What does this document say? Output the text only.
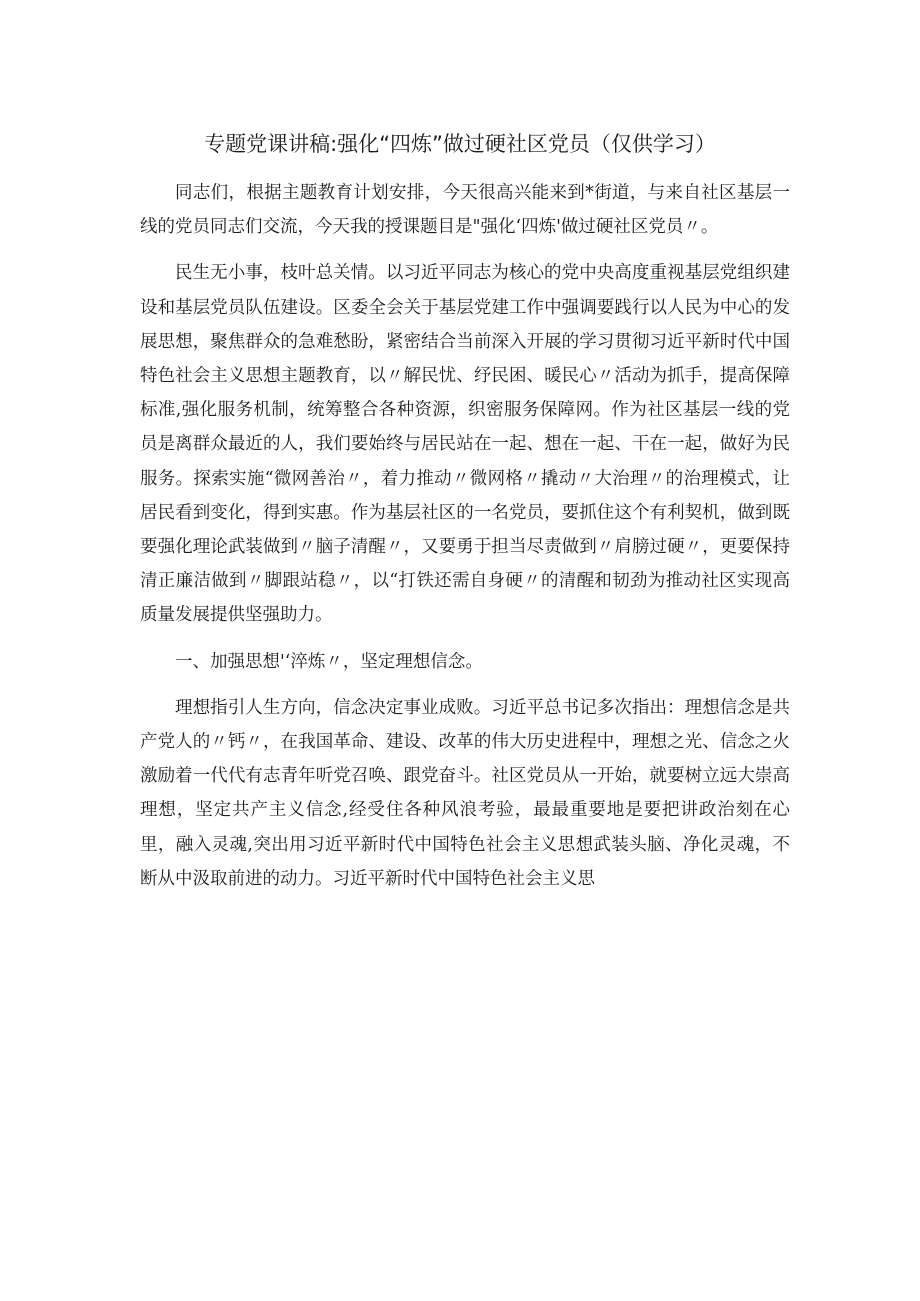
专题党课讲稿:强化“四炼”做过硬社区党员（仅供学习）

同志们，根据主题教育计划安排，今天很高兴能来到*街道，与来自社区基层一线的党员同志们交流，今天我的授课题目是"强化‘四炼'做过硬社区党员〃。

民生无小事，枝叶总关情。以习近平同志为核心的党中央高度重视基层党组织建设和基层党员队伍建设。区委全会关于基层党建工作中强调要践行以人民为中心的发展思想，聚焦群众的急难愁盼，紧密结合当前深入开展的学习贯彻习近平新时代中国特色社会主义思想主题教育，以〃解民忧、纾民困、暖民心〃活动为抓手，提高保障标准,强化服务机制，统筹整合各种资源，织密服务保障网。作为社区基层一线的党员是离群众最近的人，我们要始终与居民站在一起、想在一起、干在一起，做好为民服务。探索实施“微网善治〃，着力推动〃微网格〃撬动〃大治理〃的治理模式，让居民看到变化，得到实惠。作为基层社区的一名党员，要抓住这个有利契机，做到既要强化理论武装做到〃脑子清醒〃，又要勇于担当尽责做到〃肩膀过硬〃，更要保持清正廉洁做到〃脚跟站稳〃，以“打铁还需自身硬〃的清醒和韧劲为推动社区实现高质量发展提供坚强助力。

一、加强思想'‘淬炼〃，坚定理想信念。

理想指引人生方向，信念决定事业成败。习近平总书记多次指出：理想信念是共产党人的〃钙〃，在我国革命、建设、改革的伟大历史进程中，理想之光、信念之火激励着一代代有志青年听党召唤、跟党奋斗。社区党员从一开始，就要树立远大崇高理想，坚定共产主义信念,经受住各种风浪考验，最最重要地是要把讲政治刻在心里，融入灵魂,突出用习近平新时代中国特色社会主义思想武装头脑、净化灵魂，不断从中汲取前进的动力。习近平新时代中国特色社会主义思
